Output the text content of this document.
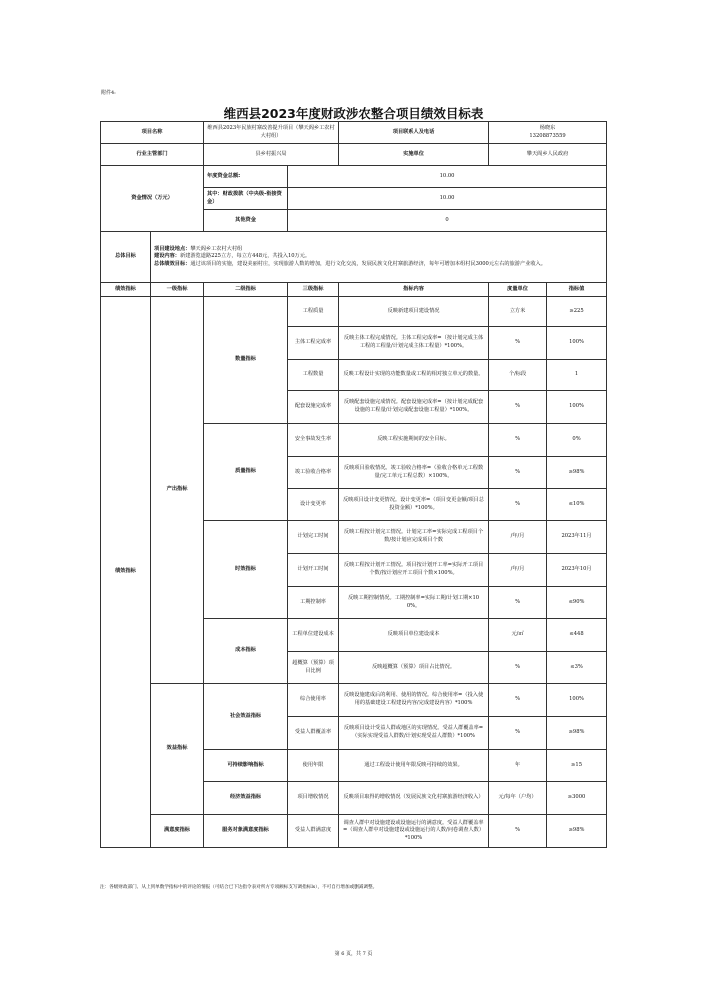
附件4:
维西县2023年度财政涉农整合项目绩效目标表
项目名称		维西县2023年民族村寨改善提升项目（攀天阁乡工农村大村组）		项目联系人及电话	杨晓东
13208873559	
行业主管部门		县乡村振兴局		实施单位	攀天阁乡人民政府	
资金情况（万元）		年度资金总额:	10.00			
		其中：财政拨款（中央级-衔接资金）	10.00			
		其他资金	0			
总体目标	项目建设地点：攀天阁乡工农村大村组
建设内容：新建游览道路225立方，每立方448元，共投入10万元。
总体绩效目标：通过该项目的实施，建设美丽村庄，实现旅游人数的增加，进行文化交流，发展民族文化村寨旅游经济，每年可增加本组村民3000元左右的旅游产业收入。					

绩效指标	一级指标	二级指标	三级指标	指标内容	度量单位	指标值
绩效指标	产出指标	数量指标	工程质量	反映新建项目建设情况	立方米	≥225
			主体工程完成率	反映主体工程完成情况。主体工程完成率=（按计划完成主体工程的工程量/计划完成主体工程量）*100%。	%	100%
			工程数量	反映工程设计实现的功能数量或工程的相对独立单元的数量。	个/标段	1
			配套设施完成率	反映配套设施完成情况。配套设施完成率=（按计划完成配套设施的工程量/计划完成配套设施工程量）*100%。	%	100%
		质量指标	安全事故发生率	反映工程实施期间的安全目标。	%	0%
			竣工验收合格率	反映项目验收情况。竣工验收合格率=（验收合格单元工程数量/完工单元工程总数）×100%。	%	≥98%
			设计变更率	反映项目设计变更情况。设计变更率=（项目变更金额/项目总投资金额）*100%。	%	≤10%
		时效指标	计划完工时间	反映工程按计划完工情况。计划完工率=实际完成工程项目个数/按计划应完成项目个数	/年/月	2023年11月
			计划开工时间	反映工程按计划开工情况。项目按计划开工率=实际开工项目个数/按计划应开工项目个数×100%。	/年/月	2023年10月
			工期控制率	反映工期控制情况。工期控制率=实际工期/计划工期×100%。	%	≤90%
		成本指标	工程单位建设成本	反映项目单位建设成本	元/㎡	≤448
			超概算（预算）项目比例	反映超概算（预算）项目占比情况。	%	≤3%
	效益指标	社会效益指标	综合使用率	反映设施建成后的利用、使用的情况。综合使用率=（投入使用的基础建设工程建设内容/完成建设内容）*100%	%	100%
			受益人群覆盖率	反映项目设计受益人群或地区的实现情况。受益人群覆盖率=（实际实现受益人群数/计划实现受益人群数）*100%	%	≥98%
		可持续影响指标	使用年限	通过工程设计使用年限反映可持续的效果。	年	≥15
		经济效益指标	项目增收情况	反映项目取得的增收情况（发展民族文化村寨旅游经济收入）	元/每年（户均）	≥3000
	满意度指标	服务对象满意度指标	受益人群满意度	调查人群中对设施建设或设施运行的满意度。受益人群覆盖率=（调查人群中对设施建设或设施运行的人数/问卷调查人数）*100%	%	≥98%
注：各级财政部门、从上到单数学指标中的评论的情报（可结合已下达指令表对所方专项额标支写调指标ls），不可自行增加或删减调整。
第 6 页，共 7 页
